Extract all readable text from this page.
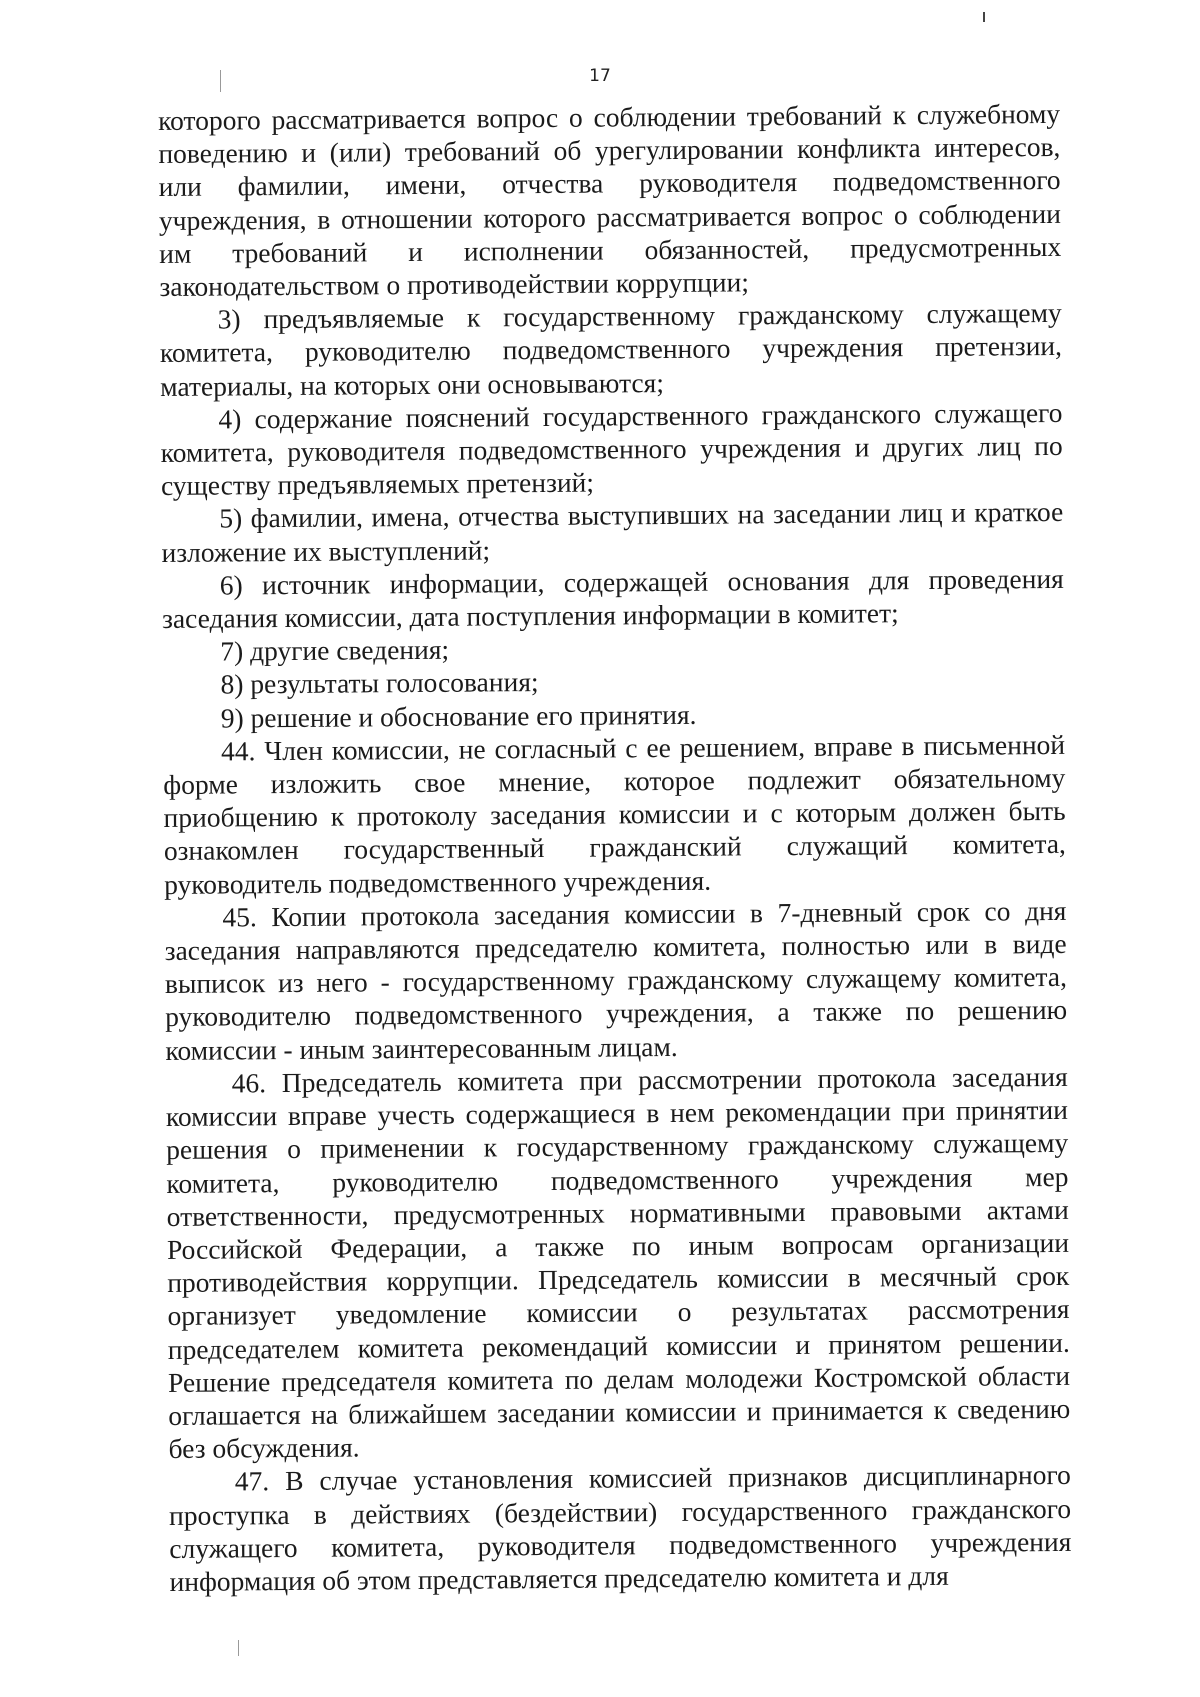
17

которого рассматривается вопрос о соблюдении требований к служебному поведению и (или) требований об урегулировании конфликта интересов, или фамилии, имени, отчества руководителя подведомственного учреждения, в отношении которого рассматривается вопрос о соблюдении им требований и исполнении обязанностей, предусмотренных законодательством о противодействии коррупции;

3) предъявляемые к государственному гражданскому служащему комитета, руководителю подведомственного учреждения претензии, материалы, на которых они основываются;

4) содержание пояснений государственного гражданского служащего комитета, руководителя подведомственного учреждения и других лиц по существу предъявляемых претензий;

5) фамилии, имена, отчества выступивших на заседании лиц и краткое изложение их выступлений;

6) источник информации, содержащей основания для проведения заседания комиссии, дата поступления информации в комитет;

7) другие сведения;

8) результаты голосования;

9) решение и обоснование его принятия.

44. Член комиссии, не согласный с ее решением, вправе в письменной форме изложить свое мнение, которое подлежит обязательному приобщению к протоколу заседания комиссии и с которым должен быть ознакомлен государственный гражданский служащий комитета, руководитель подведомственного учреждения.

45. Копии протокола заседания комиссии в 7-дневный срок со дня заседания направляются председателю комитета, полностью или в виде выписок из него - государственному гражданскому служащему комитета, руководителю подведомственного учреждения, а также по решению комиссии - иным заинтересованным лицам.

46. Председатель комитета при рассмотрении протокола заседания комиссии вправе учесть содержащиеся в нем рекомендации при принятии решения о применении к государственному гражданскому служащему комитета, руководителю подведомственного учреждения мер ответственности, предусмотренных нормативными правовыми актами Российской Федерации, а также по иным вопросам организации противодействия коррупции. Председатель комиссии в месячный срок организует уведомление комиссии о результатах рассмотрения председателем комитета рекомендаций комиссии и принятом решении. Решение председателя комитета по делам молодежи Костромской области оглашается на ближайшем заседании комиссии и принимается к сведению без обсуждения.

47. В случае установления комиссией признаков дисциплинарного проступка в действиях (бездействии) государственного гражданского служащего комитета, руководителя подведомственного учреждения информация об этом представляется председателю комитета и для
